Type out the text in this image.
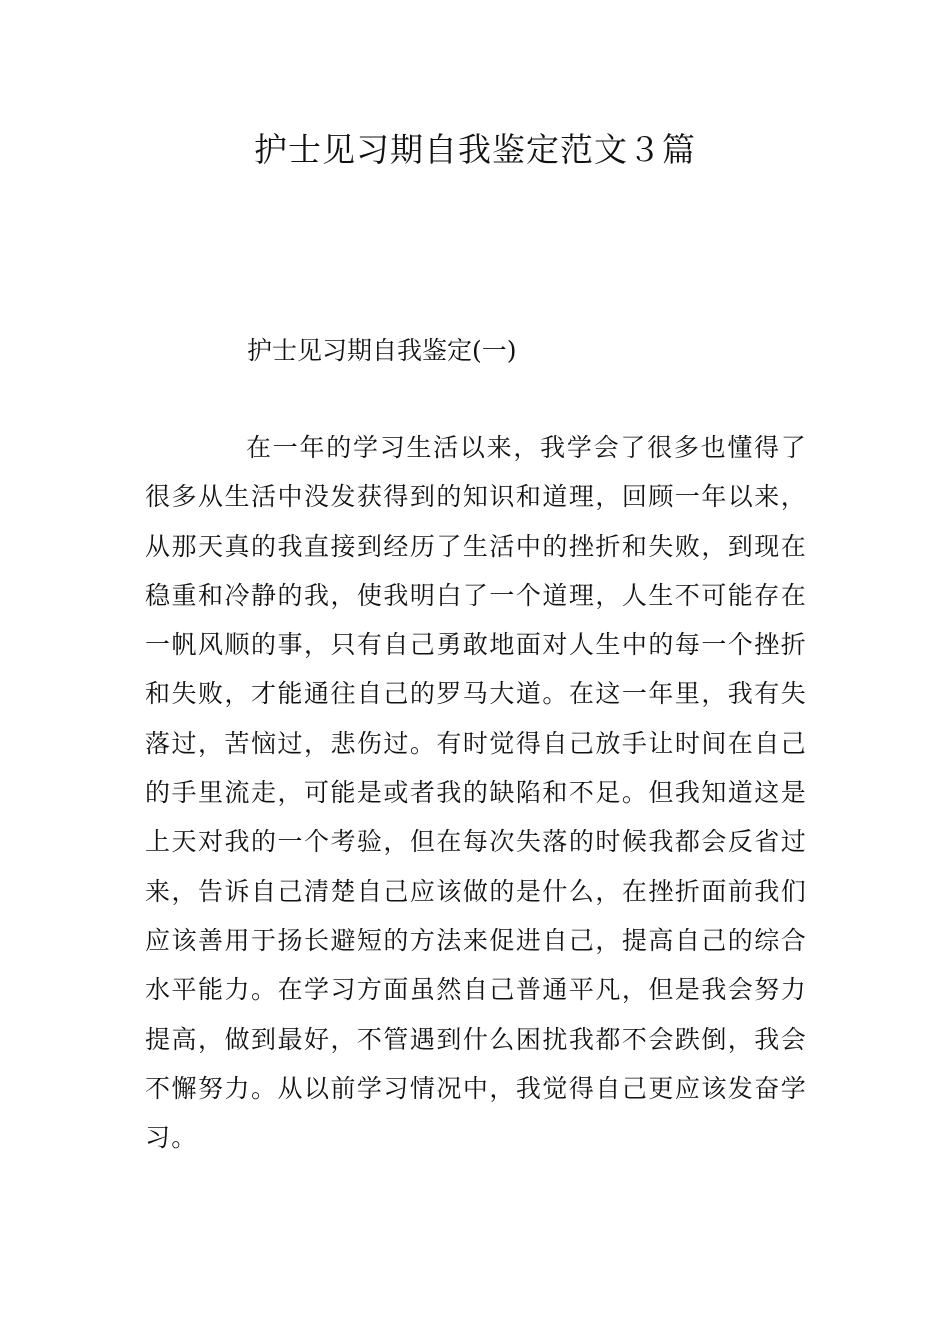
护士见习期自我鉴定范文３篇

护士见习期自我鉴定(一)

在一年的学习生活以来，我学会了很多也懂得了很多从生活中没发获得到的知识和道理，回顾一年以来，从那天真的我直接到经历了生活中的挫折和失败，到现在稳重和冷静的我，使我明白了一个道理，人生不可能存在一帆风顺的事，只有自己勇敢地面对人生中的每一个挫折和失败，才能通往自己的罗马大道。在这一年里，我有失落过，苦恼过，悲伤过。有时觉得自己放手让时间在自己的手里流走，可能是或者我的缺陷和不足。但我知道这是上天对我的一个考验，但在每次失落的时候我都会反省过来，告诉自己清楚自己应该做的是什么，在挫折面前我们应该善用于扬长避短的方法来促进自己，提高自己的综合水平能力。在学习方面虽然自己普通平凡，但是我会努力提高，做到最好，不管遇到什么困扰我都不会跌倒，我会不懈努力。从以前学习情况中，我觉得自己更应该发奋学习。
